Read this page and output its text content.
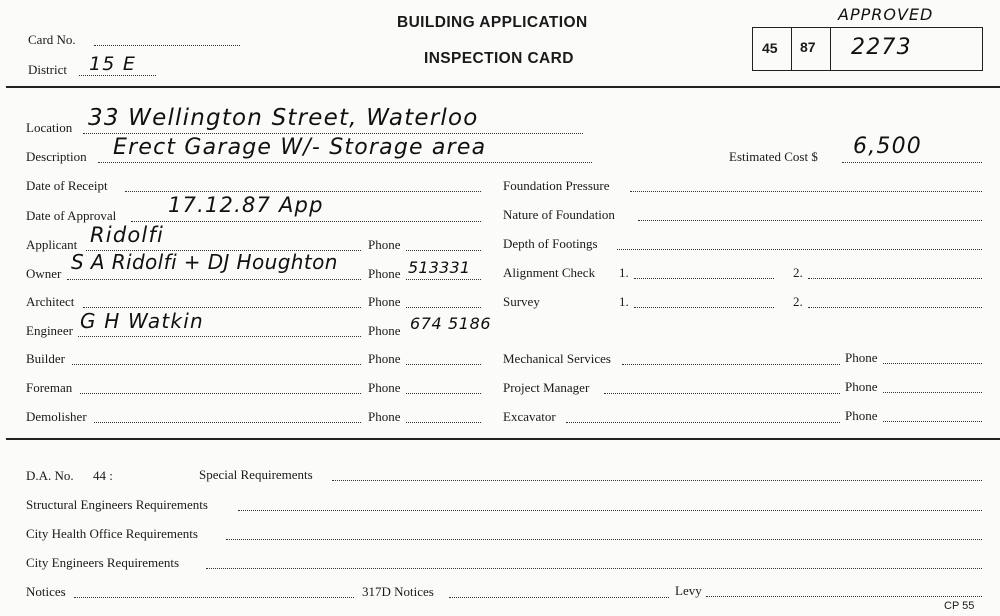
Card No.
District 15 E
BUILDING APPLICATION
INSPECTION CARD
APPROVED
45 87 2273
Location 33 Wellington Street, Waterloo
Description Erect Garage W/- Storage area	Estimated Cost $ 6,500
Date of Receipt
Date of Approval 17.12.87 App
Applicant Ridolfi	Phone
Owner S A Ridolfi + DJ Houghton Phone 513331
Architect	Phone
Engineer G H Watkin	Phone 674 5186
Builder	Phone
Foreman	Phone
Demolisher	Phone
Foundation Pressure
Nature of Foundation
Depth of Footings
Alignment Check 1.	2.
Survey	1.	2.
Mechanical Services	Phone
Project Manager	Phone
Excavator	Phone
D.A. No. 44 :	Special Requirements
Structural Engineers Requirements
City Health Office Requirements
City Engineers Requirements
Notices	317D Notices	Levy
CP 55
